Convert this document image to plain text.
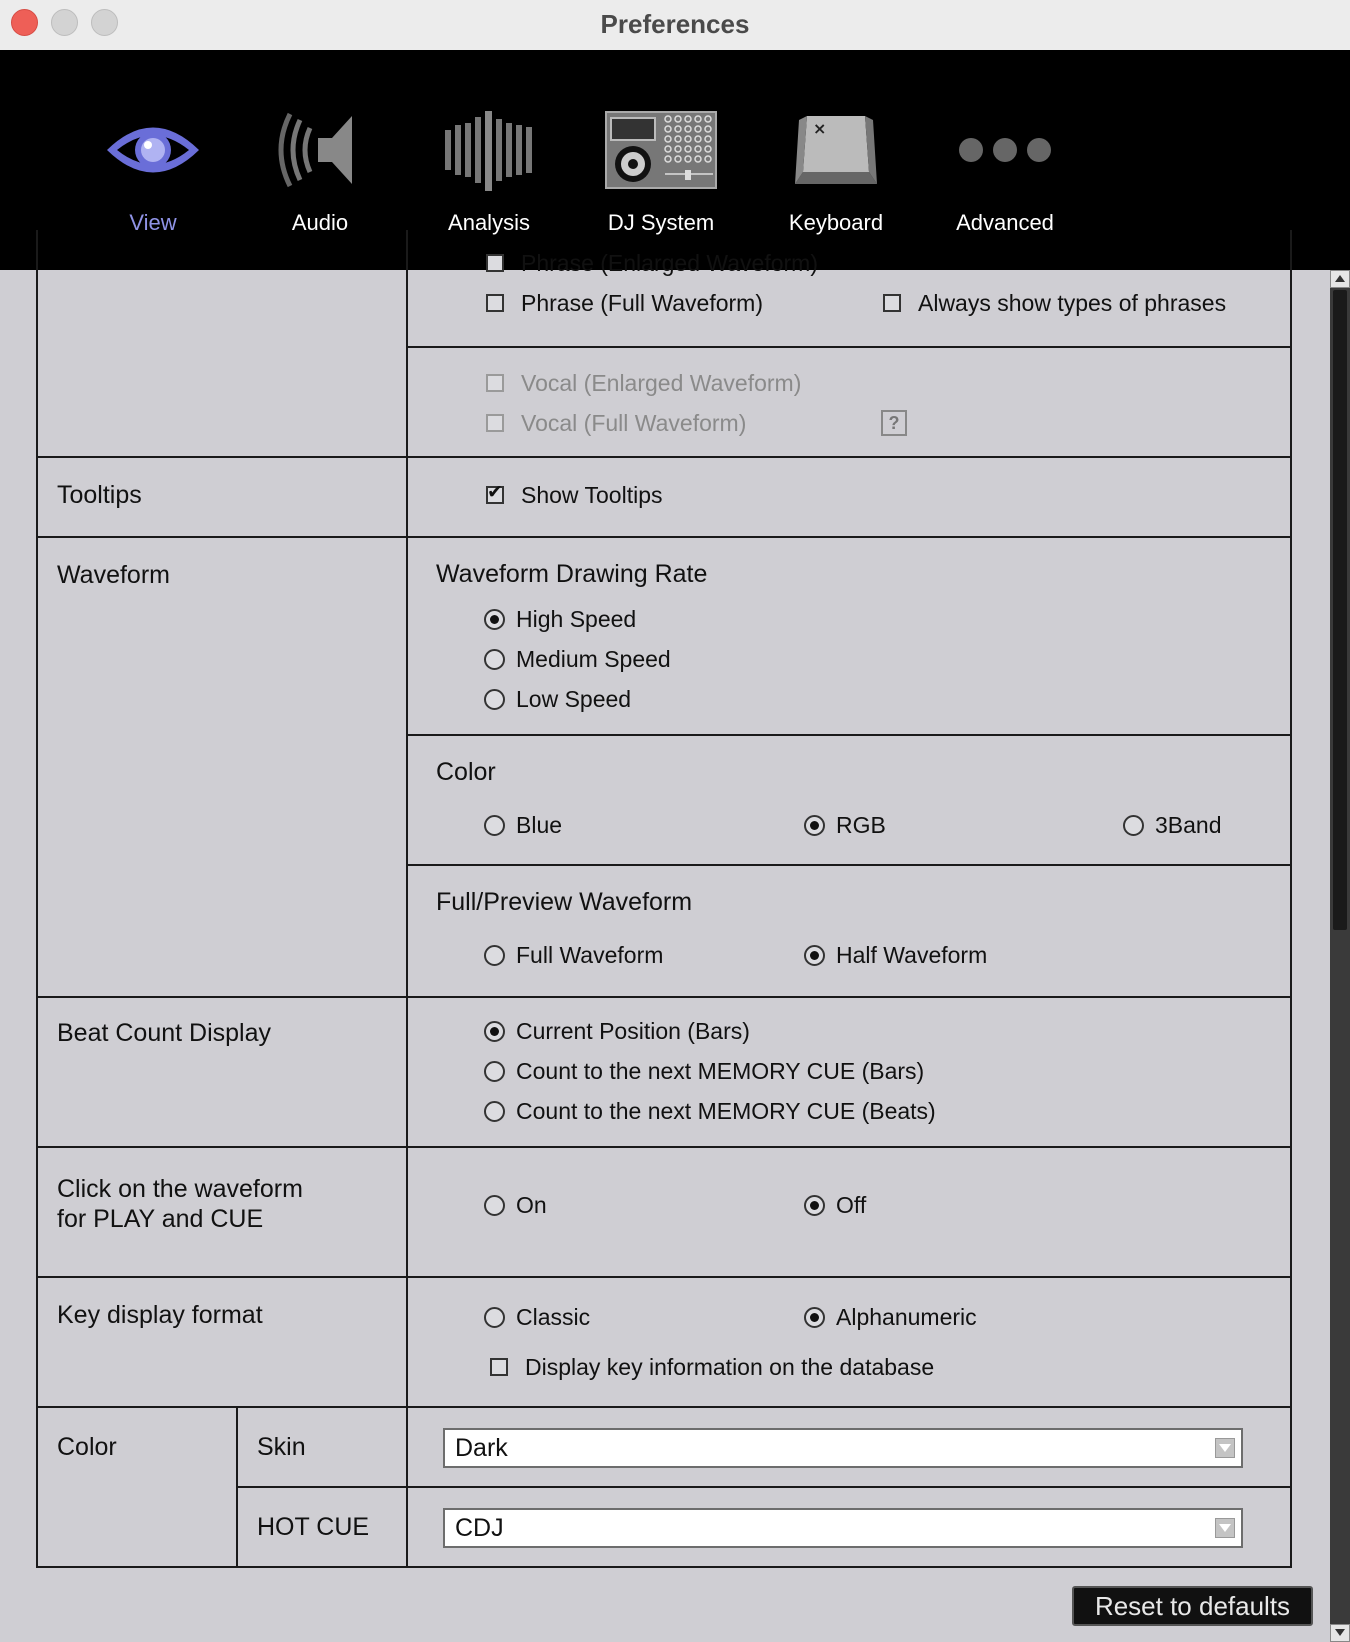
Preferences
View	Audio	Analysis	DJ System
×
Keyboard	Advanced
Phrase (Enlarged Waveform)
Phrase (Full Waveform)	Always show types of phrases
Vocal (Enlarged Waveform)
Vocal (Full Waveform)	?
Tooltips
✔	Show Tooltips
Waveform	Waveform Drawing Rate
High Speed
Medium Speed
Low Speed
Color
Blue	RGB	3Band
Full/Preview Waveform
Full Waveform	Half Waveform
Beat Count Display	Current Position (Bars)
Count to the next MEMORY CUE (Bars)
Count to the next MEMORY CUE (Beats)
Click on the waveform
for PLAY and CUE
On	Off
Key display format	Classic	Alphanumeric
Display key information on the database
Color	Skin
HOT CUE
Dark
CDJ
Reset to defaults
